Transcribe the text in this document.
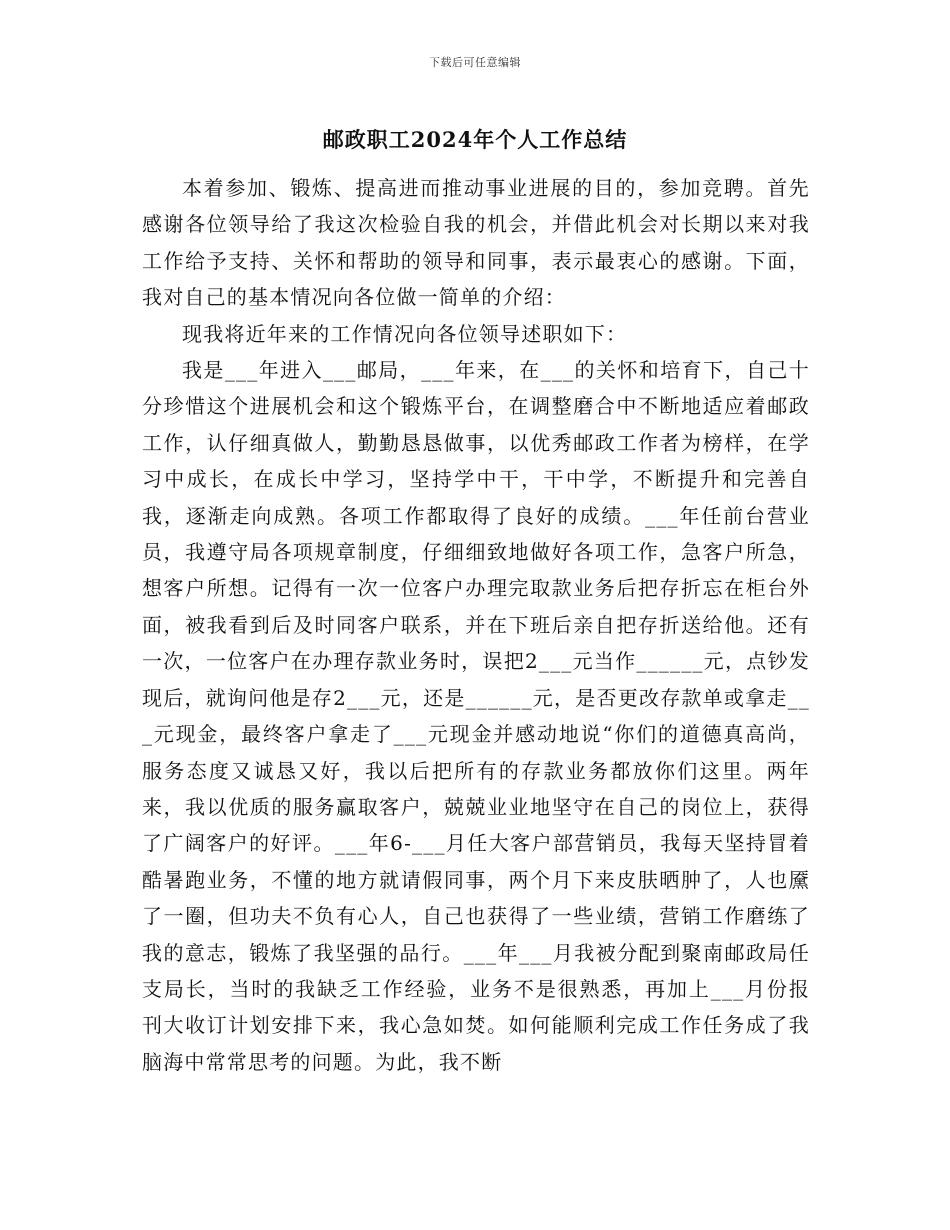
下载后可任意编辑
邮政职工2024年个人工作总结

本着参加、锻炼、提高进而推动事业进展的目的，参加竞聘。首先感谢各位领导给了我这次检验自我的机会，并借此机会对长期以来对我工作给予支持、关怀和帮助的领导和同事，表示最衷心的感谢。下面，我对自己的基本情况向各位做一简单的介绍：

现我将近年来的工作情况向各位领导述职如下：

我是___年进入___邮局，___年来，在___的关怀和培育下，自己十分珍惜这个进展机会和这个锻炼平台，在调整磨合中不断地适应着邮政工作，认仔细真做人，勤勤恳恳做事，以优秀邮政工作者为榜样，在学习中成长，在成长中学习，坚持学中干，干中学，不断提升和完善自我，逐渐走向成熟。各项工作都取得了良好的成绩。___年任前台营业员，我遵守局各项规章制度，仔细细致地做好各项工作，急客户所急，想客户所想。记得有一次一位客户办理完取款业务后把存折忘在柜台外面，被我看到后及时同客户联系，并在下班后亲自把存折送给他。还有一次，一位客户在办理存款业务时，误把2___元当作______元，点钞发现后，就询问他是存2___元，还是______元，是否更改存款单或拿走___元现金，最终客户拿走了___元现金并感动地说“你们的道德真高尚，服务态度又诚恳又好，我以后把所有的存款业务都放你们这里。两年来，我以优质的服务赢取客户，兢兢业业地坚守在自己的岗位上，获得了广阔客户的好评。___年6-___月任大客户部营销员，我每天坚持冒着酷暑跑业务，不懂的地方就请假同事，两个月下来皮肤晒肿了，人也黡了一圈，但功夫不负有心人，自己也获得了一些业绩，营销工作磨练了我的意志，锻炼了我坚强的品行。___年___月我被分配到聚南邮政局任支局长，当时的我缺乏工作经验，业务不是很熟悉，再加上___月份报刊大收订计划安排下来，我心急如焚。如何能顺利完成工作任务成了我脑海中常常思考的问题。为此，我不断
